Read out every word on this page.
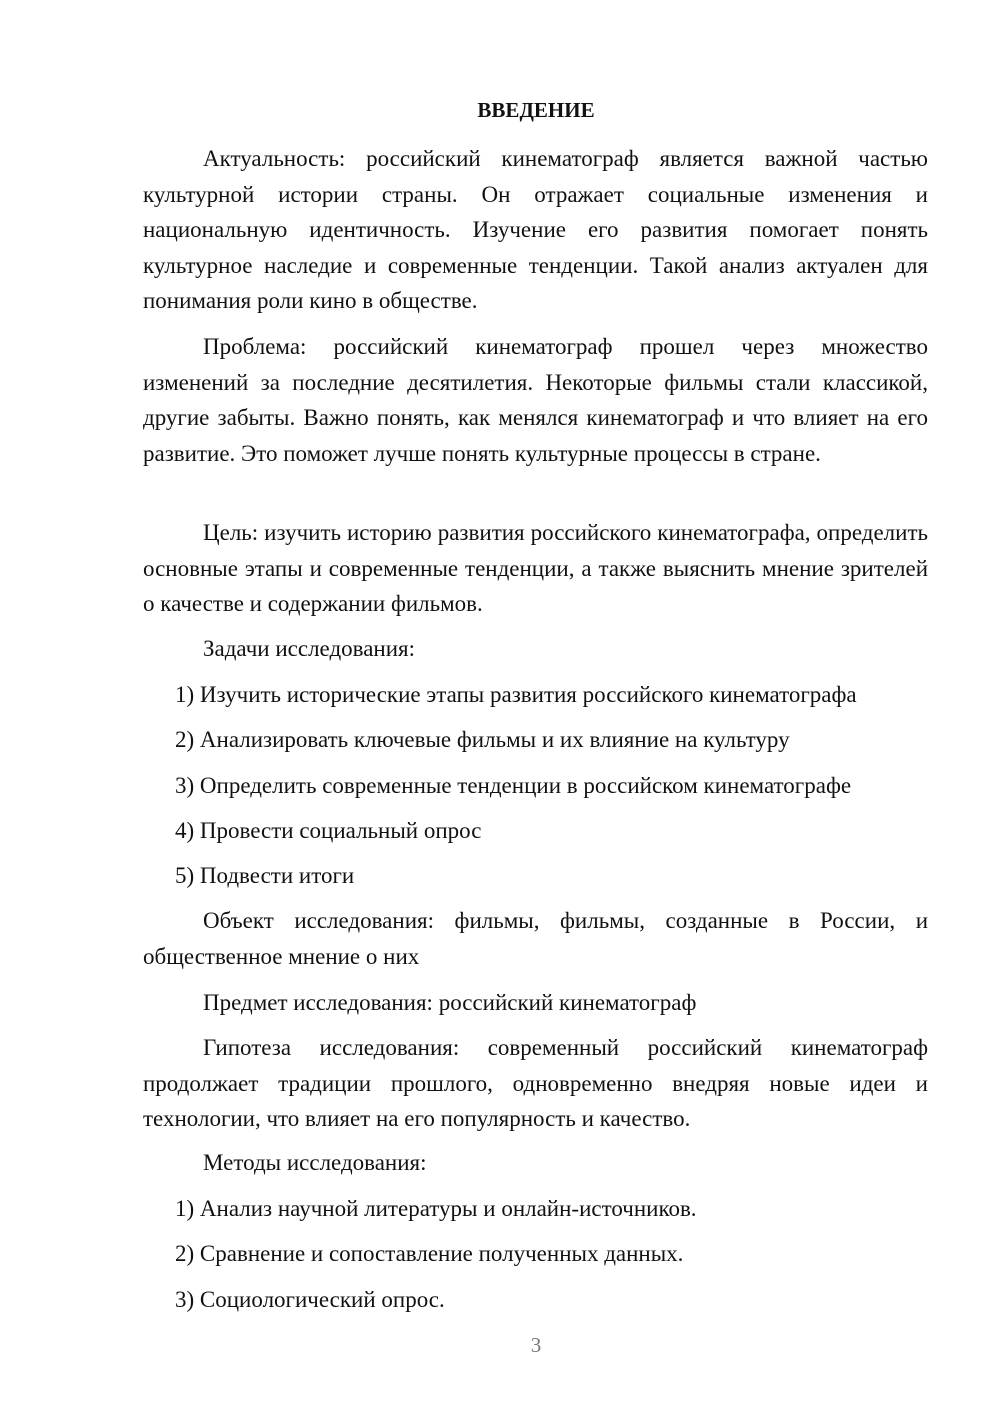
ВВЕДЕНИЕ

Актуальность: российский кинематограф является важной частью культурной истории страны. Он отражает социальные изменения и национальную идентичность. Изучение его развития помогает понять культурное наследие и современные тенденции. Такой анализ актуален для понимания роли кино в обществе.

Проблема: российский кинематограф прошел через множество изменений за последние десятилетия. Некоторые фильмы стали классикой, другие забыты. Важно понять, как менялся кинематограф и что влияет на его развитие. Это поможет лучше понять культурные процессы в стране.

Цель: изучить историю развития российского кинематографа, определить основные этапы и современные тенденции, а также выяснить мнение зрителей о качестве и содержании фильмов.

Задачи исследования:

1) Изучить исторические этапы развития российского кинематографа

2) Анализировать ключевые фильмы и их влияние на культуру

3) Определить современные тенденции в российском кинематографе

4) Провести социальный опрос

5) Подвести итоги

Объект исследования: фильмы, фильмы, созданные в России, и общественное мнение о них

Предмет исследования: российский кинематограф

Гипотеза исследования: современный российский кинематограф продолжает традиции прошлого, одновременно внедряя новые идеи и технологии, что влияет на его популярность и качество.

Методы исследования:

1) Анализ научной литературы и онлайн-источников.

2) Сравнение и сопоставление полученных данных.

3) Социологический опрос.

3
